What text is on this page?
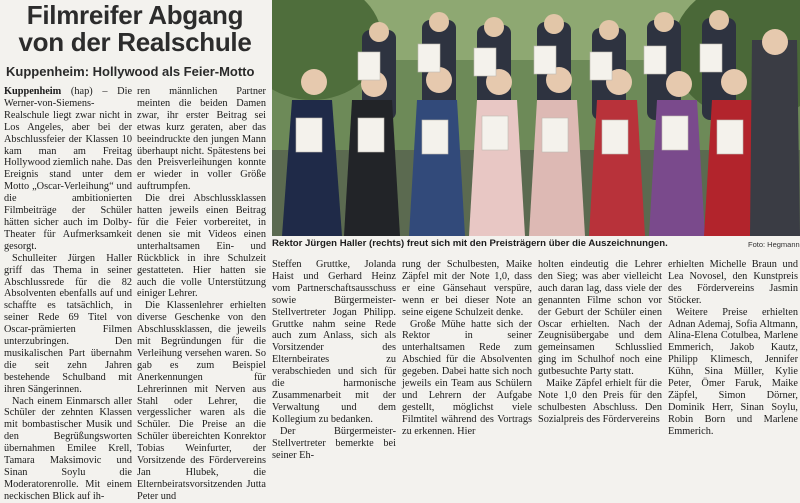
Filmreifer Abgang
von der Realschule
Kuppenheim: Hollywood als Feier-Motto

Kuppenheim (hap) – Die Werner-von-Siemens-Realschule liegt zwar nicht in Los Angeles, aber bei der Abschlussfeier der Klassen 10 kam man am Freitag Hollywood ziemlich nahe. Das Ereignis stand unter dem Motto „Oscar-Verleihung“ und die ambitionierten Filmbeiträge der Schüler hätten sicher auch im Dolby-Theater für Aufmerksamkeit gesorgt.

Schulleiter Jürgen Haller griff das Thema in seiner Abschlussrede für die 82 Absolventen ebenfalls auf und schaffte es tatsächlich, in seiner Rede 69 Titel von Oscar-prämierten Filmen unterzubringen. Den musikalischen Part übernahm die seit zehn Jahren bestehende Schulband mit ihren Sängerinnen.

Nach einem Einmarsch aller Schüler der zehnten Klassen mit bombastischer Musik und den Begrüßungsworten übernahmen Emilee Krell, Tamara Maksimovic und Sinan Soylu die Moderatorenrolle. Mit einem neckischen Blick auf ih-

ren männlichen Partner meinten die beiden Damen zwar, ihr erster Beitrag sei etwas kurz geraten, aber das beeindruckte den jungen Mann überhaupt nicht. Spätestens bei den Preisverleihungen konnte er wieder in voller Größe auftrumpfen.

Die drei Abschlussklassen hatten jeweils einen Beitrag für die Feier vorbereitet, in denen sie mit Videos einen unterhaltsamen Ein- und Rückblick in ihre Schulzeit gestatteten. Hier hatten sie auch die volle Unterstützung einiger Lehrer.

Die Klassenlehrer erhielten diverse Geschenke von den Abschlussklassen, die jeweils mit Begründungen für die Verleihung versehen waren. So gab es zum Beispiel Anerkennungen für Lehrerinnen mit Nerven aus Stahl oder Lehrer, die vergesslicher waren als die Schüler. Die Preise an die Schüler übereichten Konrektor Tobias Weinfurter, der Vorsitzende des Fördervereins Jan Hlubek, die Elternbeiratsvorsitzenden Jutta Peter und

Rektor Jürgen Haller (rechts) freut sich mit den Preisträgern über die Auszeichnungen.	Foto: Hegmann

Steffen Gruttke, Jolanda Haist und Gerhard Heinz vom Partnerschaftsausschuss sowie Bürgermeister-Stellvertreter Jogan Philipp. Gruttke nahm seine Rede auch zum Anlass, sich als Vorsitzender des Elternbeirates zu verabschieden und sich für die harmonische Zusammenarbeit mit der Verwaltung und dem Kollegium zu bedanken.

Der Bürgermeister-Stellvertreter bemerkte bei seiner Eh-

rung der Schulbesten, Maike Zäpfel mit der Note 1,0, dass er eine Gänsehaut verspüre, wenn er bei dieser Note an seine eigene Schulzeit denke.

Große Mühe hatte sich der Rektor in seiner unterhaltsamen Rede zum Abschied für die Absolventen gegeben. Dabei hatte sich noch jeweils ein Team aus Schülern und Lehrern der Aufgabe gestellt, möglichst viele Filmtitel während des Vortrags zu erkennen. Hier

holten eindeutig die Lehrer den Sieg; was aber vielleicht auch daran lag, dass viele der genannten Filme schon vor der Geburt der Schüler einen Oscar erhielten. Nach der Zeugnisübergabe und dem gemeinsamen Schlusslied ging im Schulhof noch eine gutbesuchte Party statt.

Maike Zäpfel erhielt für die Note 1,0 den Preis für den schulbesten Abschluss. Den Sozialpreis des Fördervereins

erhielten Michelle Braun und Lea Novosel, den Kunstpreis des Fördervereins Jasmin Stöcker.

Weitere Preise erhielten Adnan Ademaj, Sofia Altmann, Alina-Elena Cotulbea, Marlene Emmerich, Jakob Kautz, Philipp Klimesch, Jennifer Kühn, Sina Müller, Kylie Peter, Ömer Faruk, Maike Zäpfel, Simon Dörner, Dominik Herr, Sinan Soylu, Robin Born und Marlene Emmerich.
